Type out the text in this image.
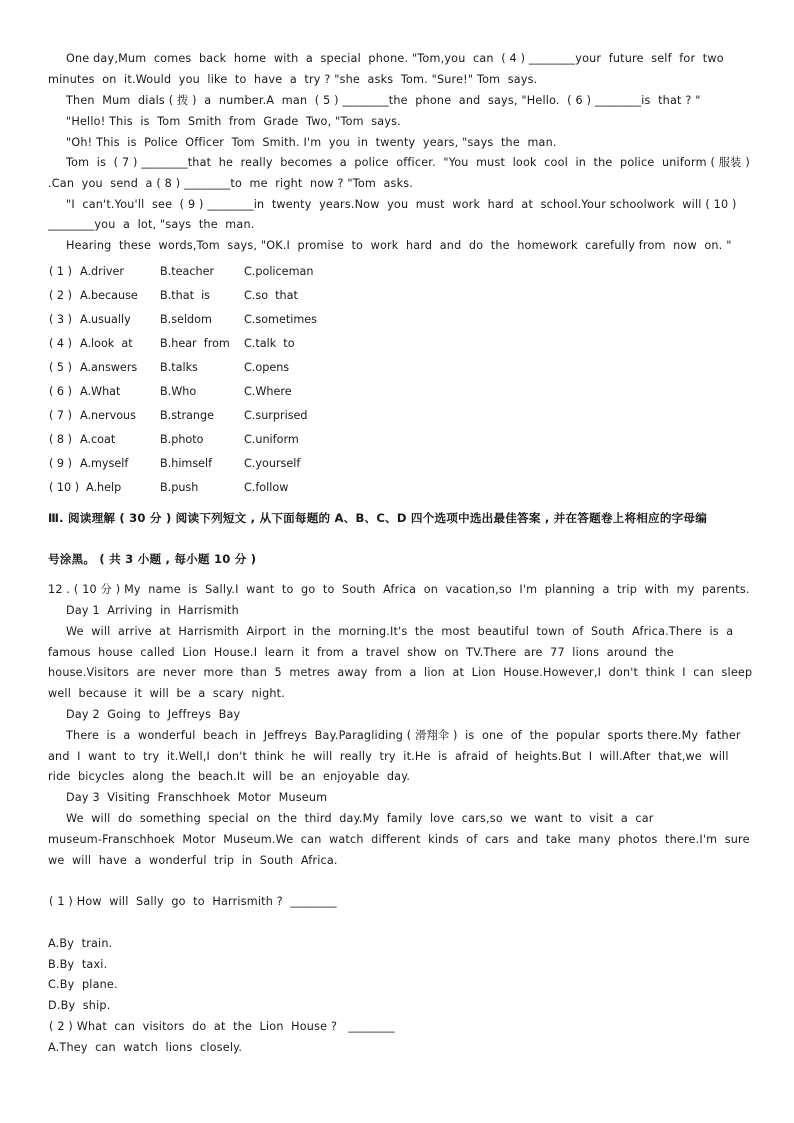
One day,Mum  comes  back  home  with  a  special  phone. "Tom,you  can  ( 4 ) ________your  future  self  for  two
minutes  on  it.Would  you  like  to  have  a  try ? "she  asks  Tom. "Sure!" Tom  says.
Then  Mum  dials ( 拨 )  a  number.A  man  ( 5 ) ________the  phone  and  says, "Hello.  ( 6 ) ________is  that ? "
"Hello! This  is  Tom  Smith  from  Grade  Two, "Tom  says.
"Oh! This  is  Police  Officer  Tom  Smith. I'm  you  in  twenty  years, "says  the  man.
Tom  is  ( 7 ) ________that  he  really  becomes  a  police  officer.  "You  must  look  cool  in  the  police  uniform ( 服装 )
.Can  you  send  a ( 8 ) ________to  me  right  now ? "Tom  asks.
"I  can't.You'll  see  ( 9 ) ________in  twenty  years.Now  you  must  work  hard  at  school.Your schoolwork  will ( 10 )
________you  a  lot, "says  the  man.
Hearing  these  words,Tom  says, "OK.I  promise  to  work  hard  and  do  the  homework  carefully from  now  on. "
( 1 ) A.driver	B.teacher	C.policeman
( 2 ) A.because B.that  is	C.so  that
( 3 ) A.usually	B.seldom	C.sometimes
( 4 ) A.look  at B.hear  from C.talk  to
( 5 ) A.answers B.talks	C.opens
( 6 ) A.What	B.Who	C.Where
( 7 ) A.nervous B.strange	C.surprised
( 8 ) A.coat	B.photo	C.uniform
( 9 ) A.myself	B.himself	C.yourself
( 10 ) A.help	B.push	C.follow
Ⅲ. 阅读理解 ( 30 分 ) 阅读下列短文 , 从下面每题的 A、B、C、D 四个选项中选出最佳答案 , 并在答题卷上将相应的字母编
号涂黑。 ( 共 3 小题 , 每小题 10 分 )
12 . ( 10 分 ) My  name  is  Sally.I  want  to  go  to  South  Africa  on  vacation,so  I'm  planning  a  trip  with  my  parents.
Day 1  Arriving  in  Harrismith
We  will  arrive  at  Harrismith  Airport  in  the  morning.It's  the  most  beautiful  town  of  South  Africa.There  is  a
famous  house  called  Lion  House.I  learn  it  from  a  travel  show  on  TV.There  are  77  lions  around  the
house.Visitors  are  never  more  than  5  metres  away  from  a  lion  at  Lion  House.However,I  don't  think  I  can  sleep
well  because  it  will  be  a  scary  night.
Day 2  Going  to  Jeffreys  Bay
There  is  a  wonderful  beach  in  Jeffreys  Bay.Paragliding ( 滑翔伞 )  is  one  of  the  popular  sports there.My  father
and  I  want  to  try  it.Well,I  don't  think  he  will  really  try  it.He  is  afraid  of  heights.But  I  will.After  that,we  will
ride  bicycles  along  the  beach.It  will  be  an  enjoyable  day.
Day 3  Visiting  Franschhoek  Motor  Museum
We  will  do  something  special  on  the  third  day.My  family  love  cars,so  we  want  to  visit  a  car
museum-Franschhoek  Motor  Museum.We  can  watch  different  kinds  of  cars  and  take  many  photos  there.I'm  sure
we  will  have  a  wonderful  trip  in  South  Africa.
( 1 ) How  will  Sally  go  to  Harrismith ?  ________
A.By  train.
B.By  taxi.
C.By  plane.
D.By  ship.
( 2 ) What  can  visitors  do  at  the  Lion  House ?   ________
A.They  can  watch  lions  closely.
